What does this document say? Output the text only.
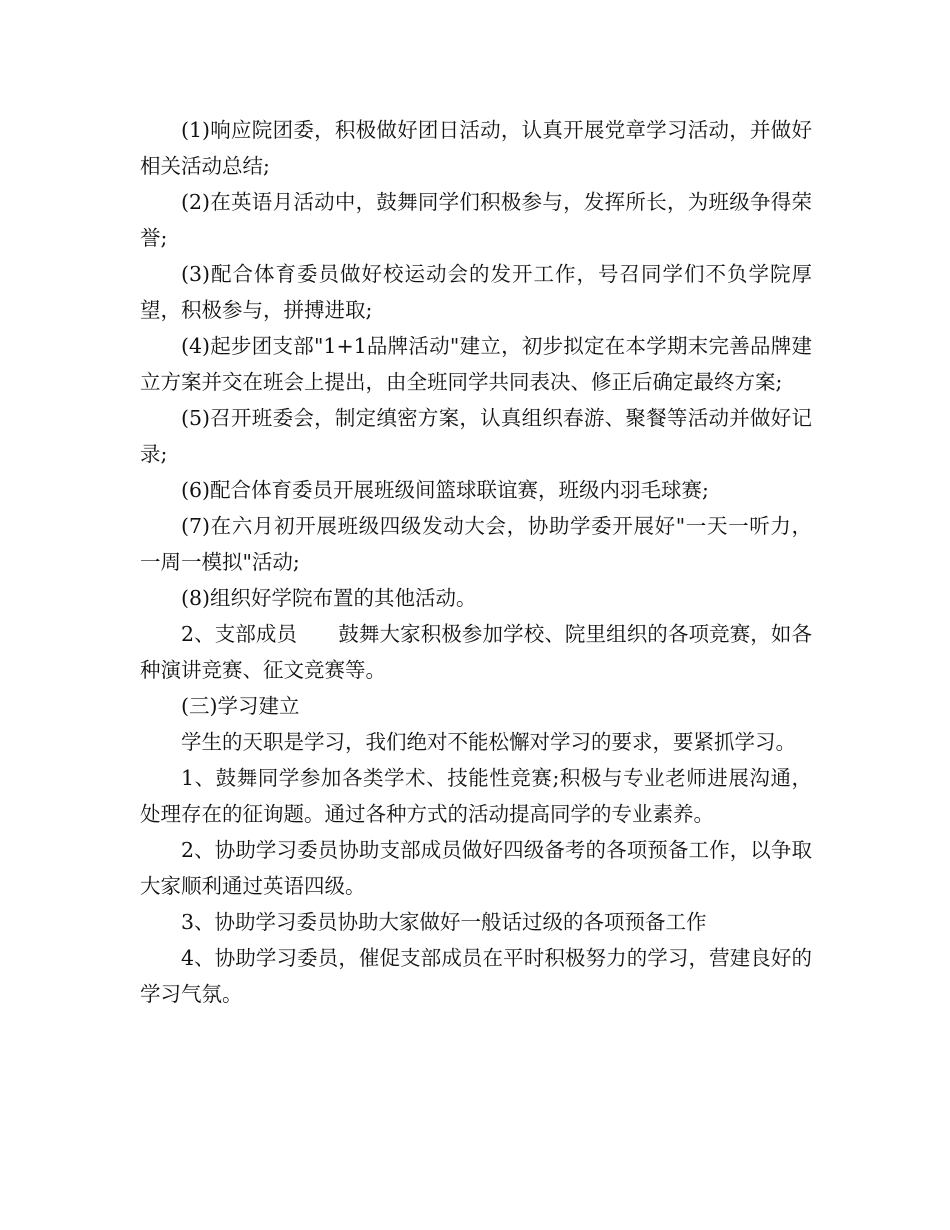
(1)响应院团委，积极做好团日活动，认真开展党章学习活动，并做好相关活动总结;

(2)在英语月活动中，鼓舞同学们积极参与，发挥所长，为班级争得荣誉;

(3)配合体育委员做好校运动会的发开工作，号召同学们不负学院厚望，积极参与，拼搏进取;

(4)起步团支部"1+1品牌活动"建立，初步拟定在本学期末完善品牌建立方案并交在班会上提出，由全班同学共同表决、修正后确定最终方案;

(5)召开班委会，制定缜密方案，认真组织春游、聚餐等活动并做好记录;

(6)配合体育委员开展班级间篮球联谊赛，班级内羽毛球赛;

(7)在六月初开展班级四级发动大会，协助学委开展好"一天一听力，一周一模拟"活动;

(8)组织好学院布置的其他活动。

2、支部成员　　鼓舞大家积极参加学校、院里组织的各项竞赛，如各种演讲竞赛、征文竞赛等。

(三)学习建立

学生的天职是学习，我们绝对不能松懈对学习的要求，要紧抓学习。

1、鼓舞同学参加各类学术、技能性竞赛;积极与专业老师进展沟通，处理存在的征询题。通过各种方式的活动提高同学的专业素养。

2、协助学习委员协助支部成员做好四级备考的各项预备工作，以争取大家顺利通过英语四级。

3、协助学习委员协助大家做好一般话过级的各项预备工作

4、协助学习委员，催促支部成员在平时积极努力的学习，营建良好的学习气氛。
